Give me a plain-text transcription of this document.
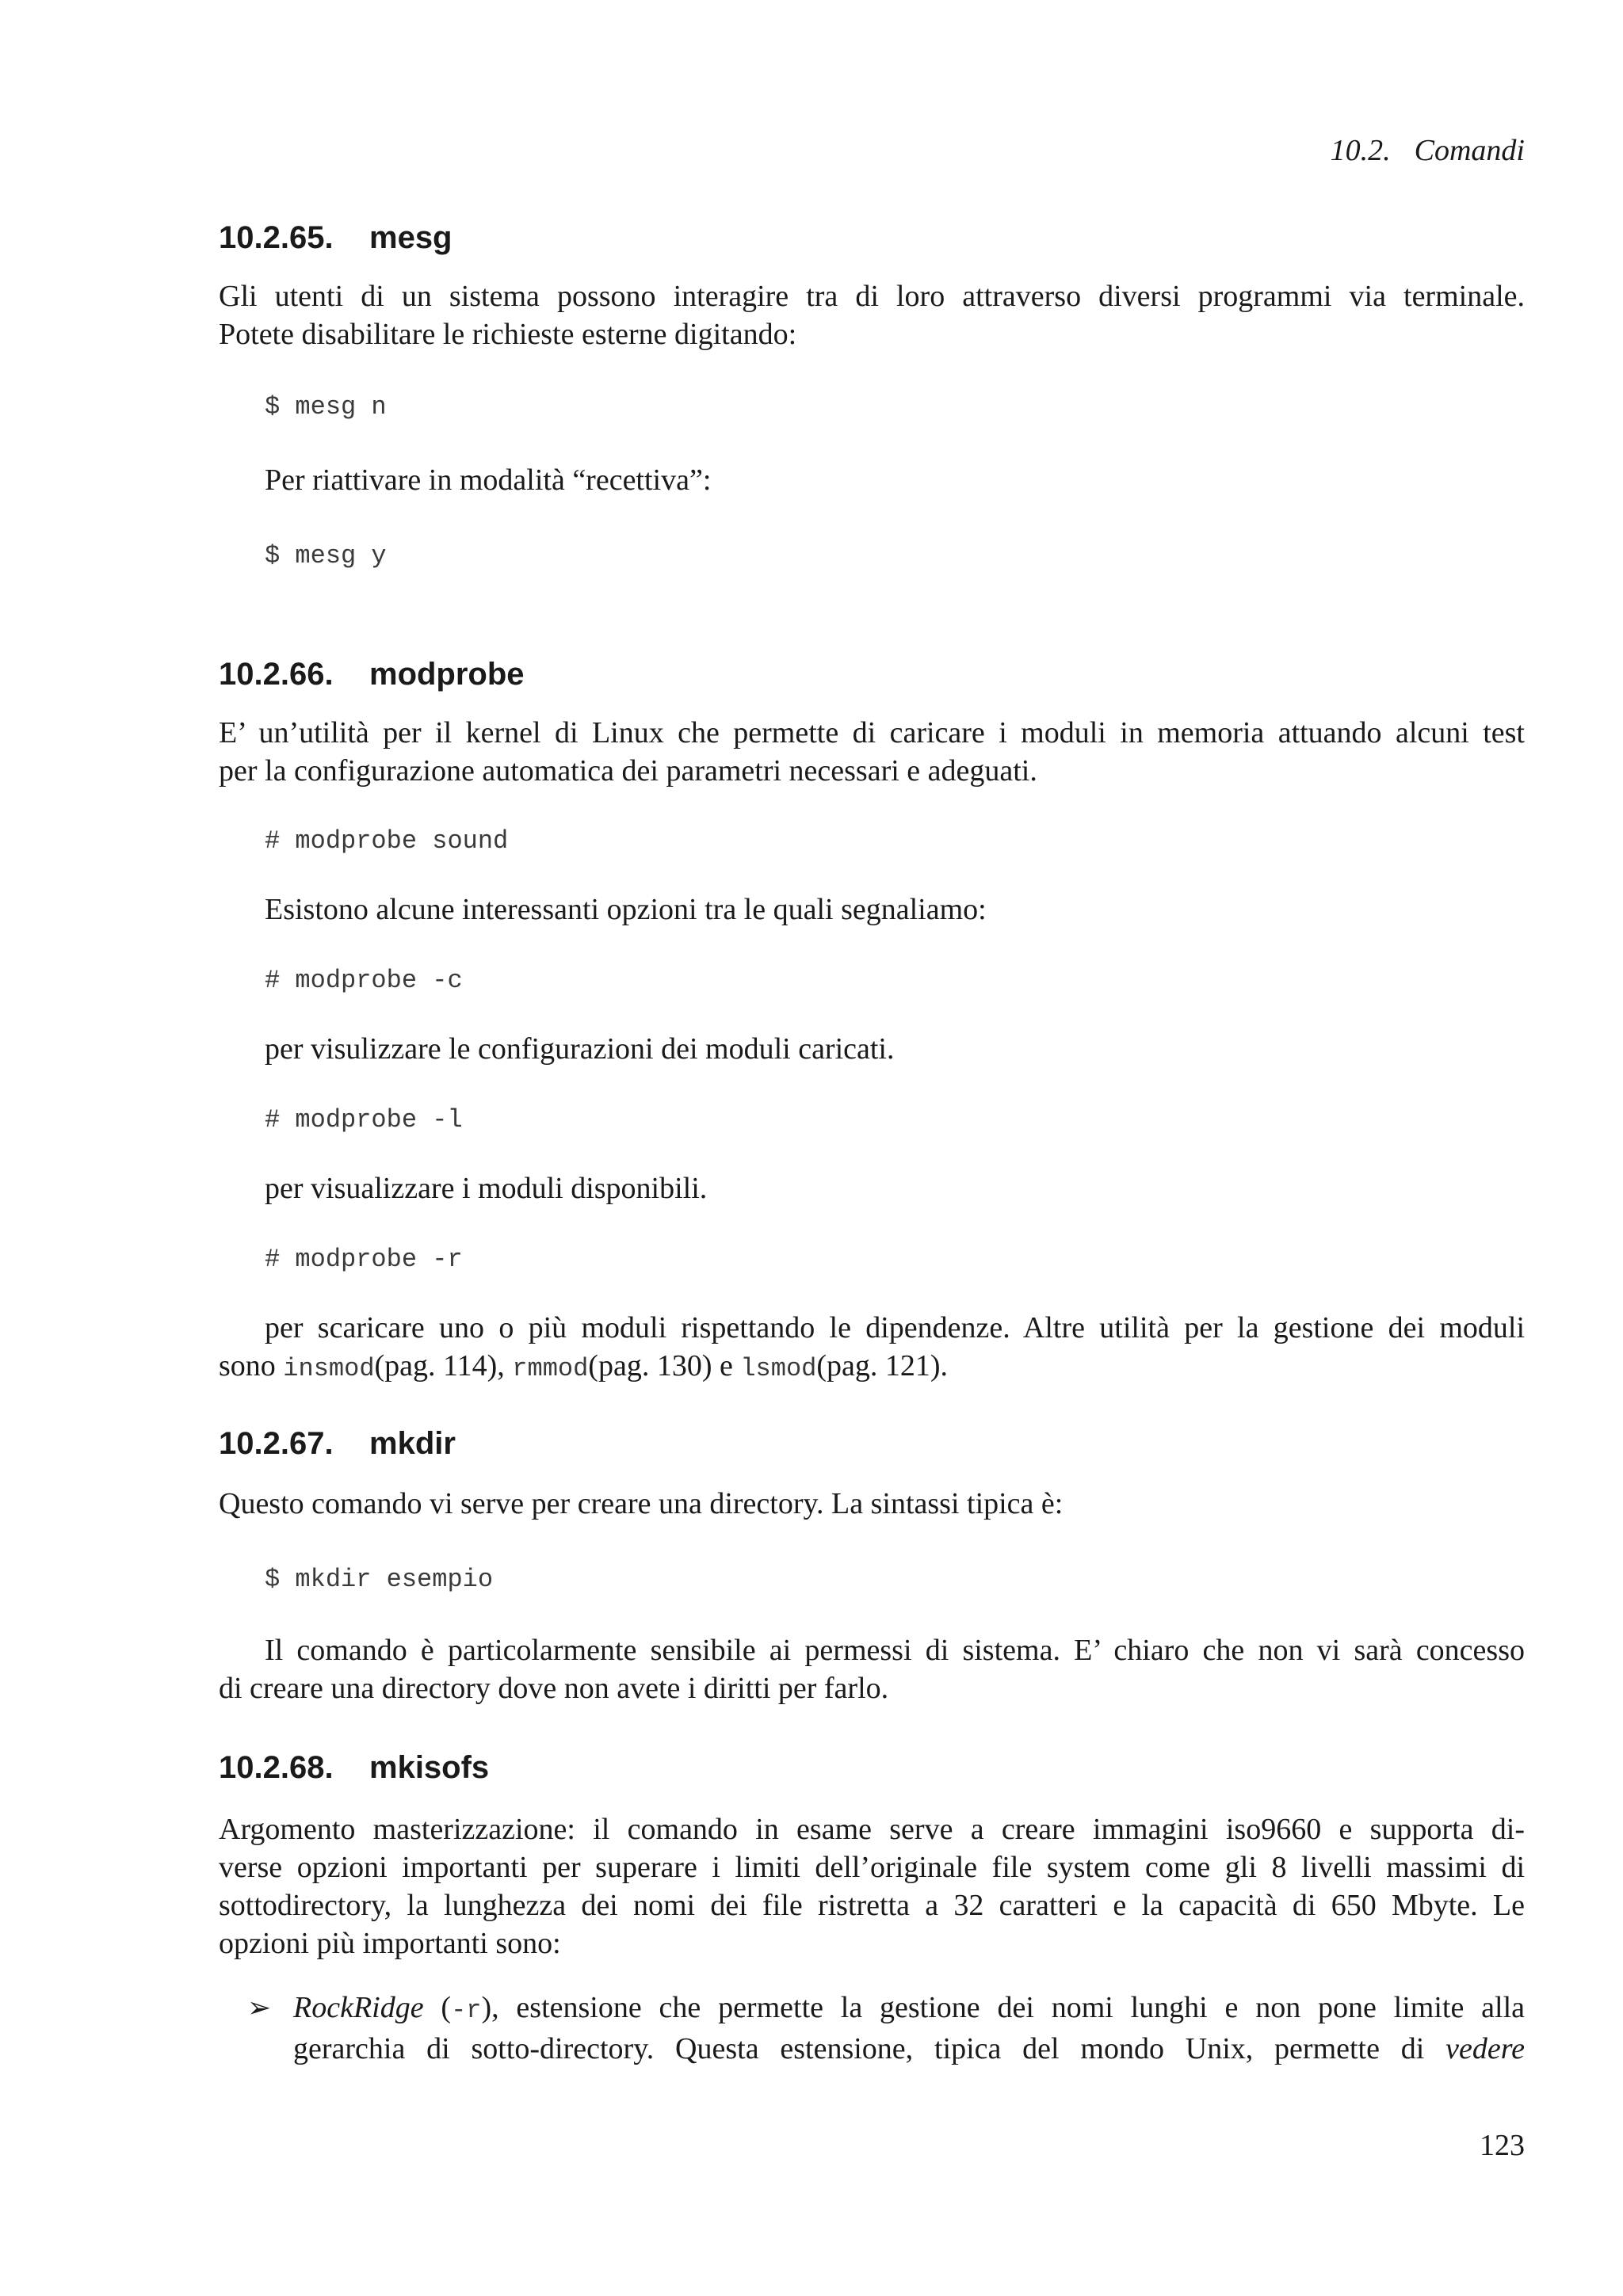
10.2. Comandi
10.2.65. mesg
Gli utenti di un sistema possono interagire tra di loro attraverso diversi programmi via terminale.
Potete disabilitare le richieste esterne digitando:
$ mesg n
Per riattivare in modalità “recettiva”:
$ mesg y
10.2.66. modprobe
E’ un’utilità per il kernel di Linux che permette di caricare i moduli in memoria attuando alcuni test
per la configurazione automatica dei parametri necessari e adeguati.
# modprobe sound
Esistono alcune interessanti opzioni tra le quali segnaliamo:
# modprobe -c
per visulizzare le configurazioni dei moduli caricati.
# modprobe -l
per visualizzare i moduli disponibili.
# modprobe -r
per scaricare uno o più moduli rispettando le dipendenze. Altre utilità per la gestione dei moduli
sono insmod(pag. 114), rmmod(pag. 130) e lsmod(pag. 121).
10.2.67. mkdir
Questo comando vi serve per creare una directory. La sintassi tipica è:
$ mkdir esempio
Il comando è particolarmente sensibile ai permessi di sistema. E’ chiaro che non vi sarà concesso
di creare una directory dove non avete i diritti per farlo.
10.2.68. mkisofs
Argomento masterizzazione: il comando in esame serve a creare immagini iso9660 e supporta di-
verse opzioni importanti per superare i limiti dell’originale file system come gli 8 livelli massimi di
sottodirectory, la lunghezza dei nomi dei file ristretta a 32 caratteri e la capacità di 650 Mbyte. Le
opzioni più importanti sono:
➢ RockRidge (-r), estensione che permette la gestione dei nomi lunghi e non pone limite alla
gerarchia di sotto-directory. Questa estensione, tipica del mondo Unix, permette di vedere
123
